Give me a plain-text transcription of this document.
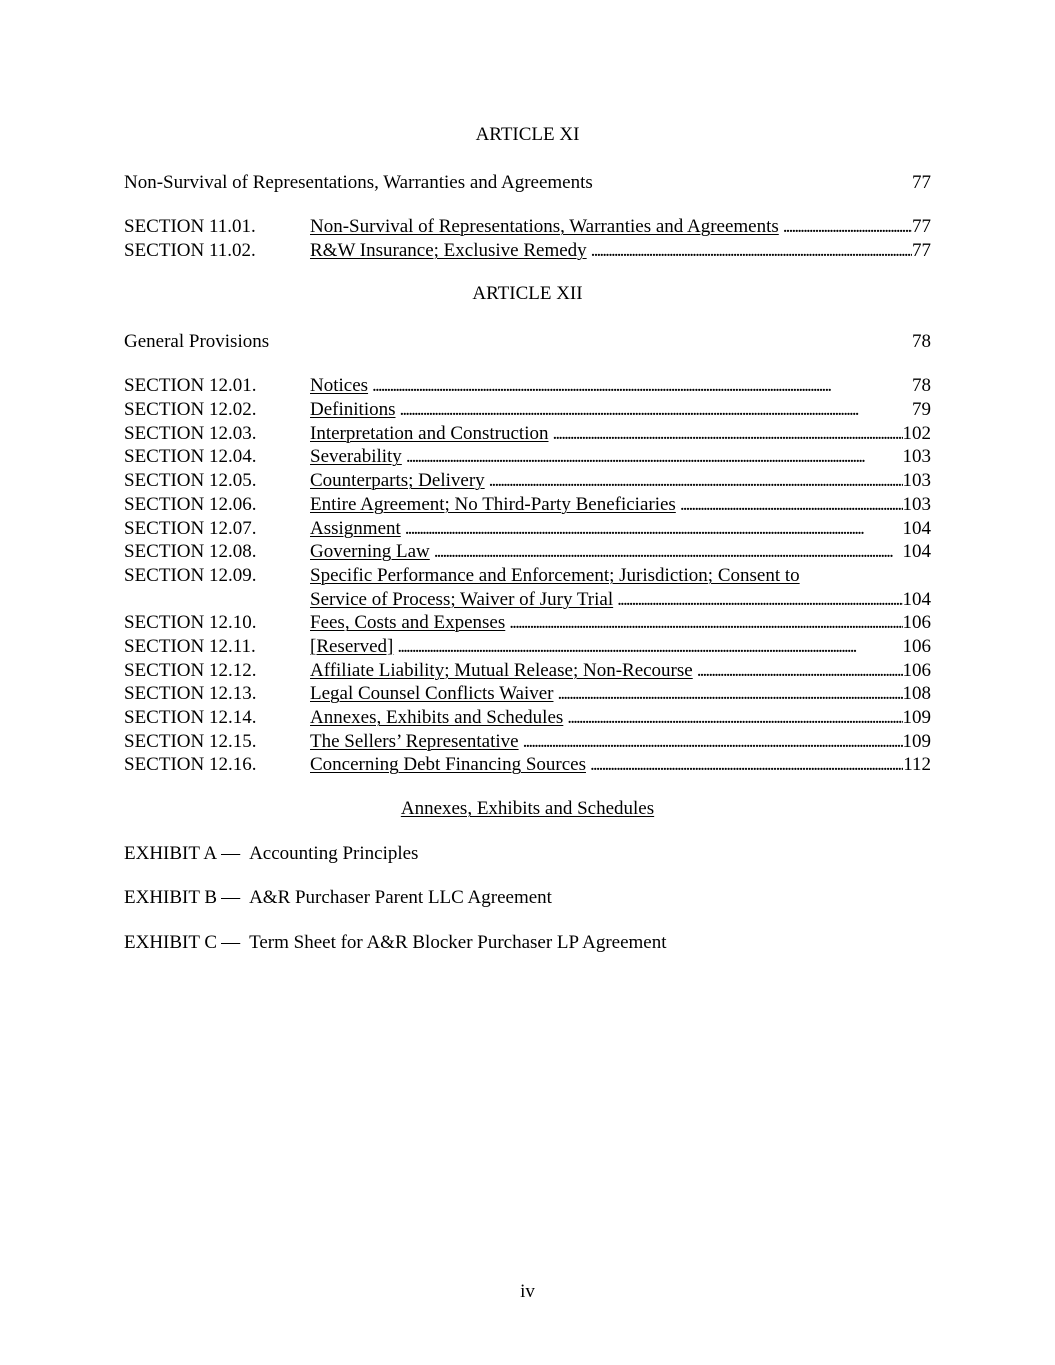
ARTICLE XI
Non-Survival of Representations, Warranties and Agreements	77
SECTION 11.01.	Non-Survival of Representations, Warranties and Agreements . . .	77
SECTION 11.02.	R&W Insurance; Exclusive Remedy . . .	77
ARTICLE XII
General Provisions	78
SECTION 12.01.	Notices . . .	78
SECTION 12.02.	Definitions . . .	79
SECTION 12.03.	Interpretation and Construction . . .	102
SECTION 12.04.	Severability . . .	103
SECTION 12.05.	Counterparts; Delivery . . .	103
SECTION 12.06.	Entire Agreement; No Third-Party Beneficiaries . . .	103
SECTION 12.07.	Assignment . . .	104
SECTION 12.08.	Governing Law . . .	104
SECTION 12.09.	Specific Performance and Enforcement; Jurisdiction; Consent to
Service of Process; Waiver of Jury Trial . . .	104
SECTION 12.10.	Fees, Costs and Expenses . . .	106
SECTION 12.11.	[Reserved] . . .	106
SECTION 12.12.	Affiliate Liability; Mutual Release; Non-Recourse . . .	106
SECTION 12.13.	Legal Counsel Conflicts Waiver . . .	108
SECTION 12.14.	Annexes, Exhibits and Schedules . . .	109
SECTION 12.15.	The Sellers’ Representative . . .	109
SECTION 12.16.	Concerning Debt Financing Sources . . .	112
Annexes, Exhibits and Schedules
EXHIBIT A — Accounting Principles
EXHIBIT B — A&R Purchaser Parent LLC Agreement
EXHIBIT C — Term Sheet for A&R Blocker Purchaser LP Agreement
iv
